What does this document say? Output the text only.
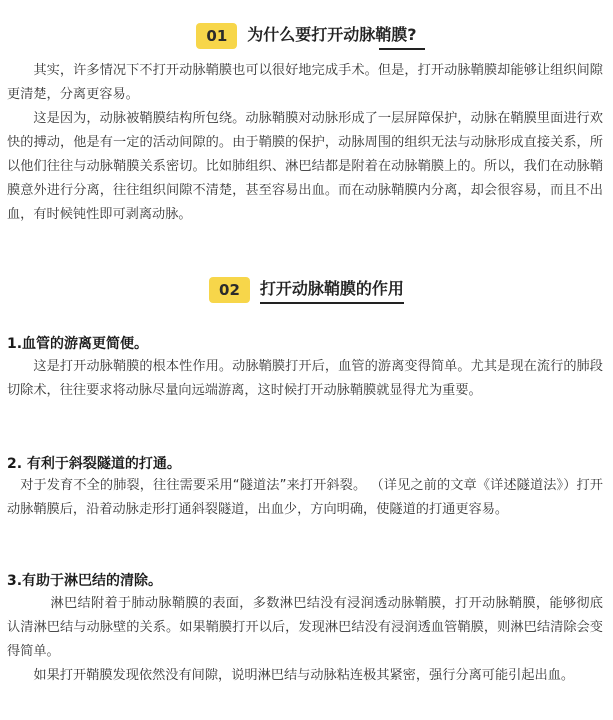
01	为什么要打开动脉鞘膜?

其实，许多情况下不打开动脉鞘膜也可以很好地完成手术。但是，打开动脉鞘膜却能够让组织间隙更清楚，分离更容易。

这是因为，动脉被鞘膜结构所包绕。动脉鞘膜对动脉形成了一层屏障保护，动脉在鞘膜里面进行欢快的搏动，他是有一定的活动间隙的。由于鞘膜的保护，动脉周围的组织无法与动脉形成直接关系，所以他们往往与动脉鞘膜关系密切。比如肺组织、淋巴结都是附着在动脉鞘膜上的。所以，我们在动脉鞘膜意外进行分离，往往组织间隙不清楚，甚至容易出血。而在动脉鞘膜内分离，却会很容易，而且不出血，有时候钝性即可剥离动脉。

02	打开动脉鞘膜的作用

1.血管的游离更简便。

这是打开动脉鞘膜的根本性作用。动脉鞘膜打开后，血管的游离变得简单。尤其是现在流行的肺段切除术，往往要求将动脉尽量向远端游离，这时候打开动脉鞘膜就显得尤为重要。

2. 有利于斜裂隧道的打通。

对于发育不全的肺裂，往往需要采用“隧道法”来打开斜裂。 （详见之前的文章《详述隧道法》）打开动脉鞘膜后，沿着动脉走形打通斜裂隧道，出血少，方向明确，使隧道的打通更容易。

3.有助于淋巴结的清除。

淋巴结附着于肺动脉鞘膜的表面，多数淋巴结没有浸润透动脉鞘膜，打开动脉鞘膜，能够彻底认清淋巴结与动脉壁的关系。如果鞘膜打开以后，发现淋巴结没有浸润透血管鞘膜，则淋巴结清除会变得简单。

如果打开鞘膜发现依然没有间隙，说明淋巴结与动脉粘连极其紧密，强行分离可能引起出血。
